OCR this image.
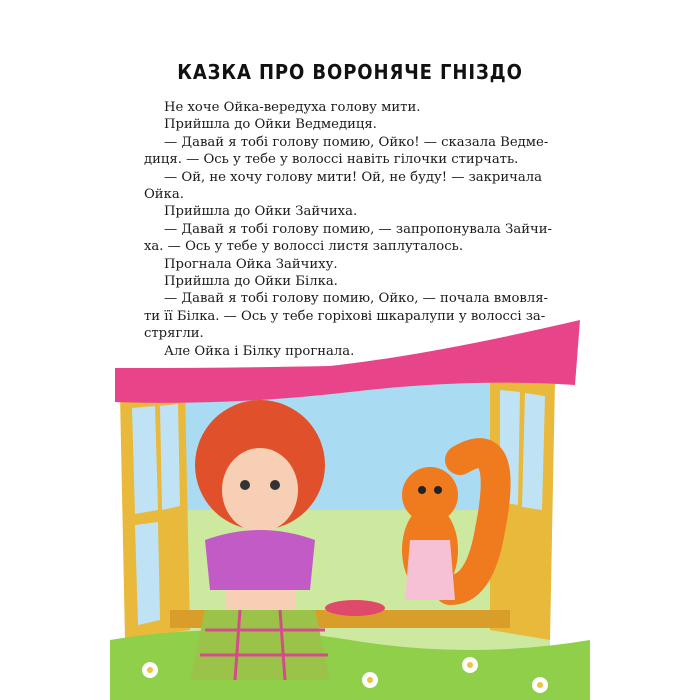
КАЗКА ПРО ВОРОНЯЧЕ ГНІЗДО
Не хоче Ойка-вередуха голову мити.
Прийшла до Ойки Ведмедиця.
— Давай я тобі голову помию, Ойко! — сказала Ведме-
диця. — Ось у тебе у волоссі навіть гілочки стирчать.
— Ой, не хочу голову мити! Ой, не буду! — закричала
Ойка.
Прийшла до Ойки Зайчиха.
— Давай я тобі голову помию, — запропонувала Зайчи-
ха. — Ось у тебе у волоссі листя заплуталось.
Прогнала Ойка Зайчиху.
Прийшла до Ойки Білка.
— Давай я тобі голову помию, Ойко, — почала вмовля-
ти її Білка. — Ось у тебе горіхові шкаралупи у волоссі за-
стрягли.
Але Ойка і Білку прогнала.
